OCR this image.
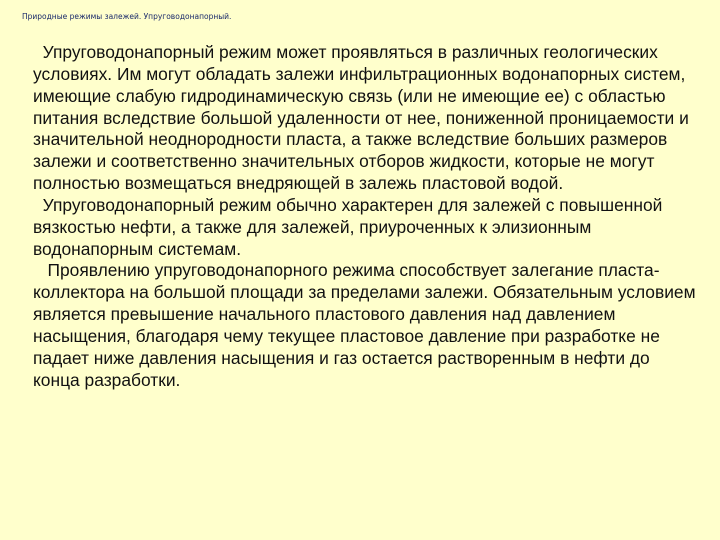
Природные режимы залежей. Упруговодонапорный.

Упруговодонапорный режим может проявляться в различных геологических условиях. Им могут обладать залежи инфильтрационных водонапорных систем, имеющие слабую гидродинамическую связь (или не имеющие ее) с областью питания вследствие большой удаленности от нее, пониженной проницаемости и значительной неоднородности пласта, а также вследствие больших размеров залежи и соответственно значительных отборов жидкости, которые не могут полностью возмещаться внедряющей в залежь пластовой водой.

Упруговодонапорный режим обычно характерен для залежей с повышенной вязкостью нефти, а также для залежей, приуроченных к элизионным водонапорным системам.

Проявлению упруговодонапорного режима способствует залегание пласта-коллектора на большой площади за пределами залежи. Обязательным условием является превышение начального пластового давления над давлением насыщения, благодаря чему текущее пластовое давление при разработке не падает ниже давления насыщения и газ остается растворенным в нефти до конца разработки.
